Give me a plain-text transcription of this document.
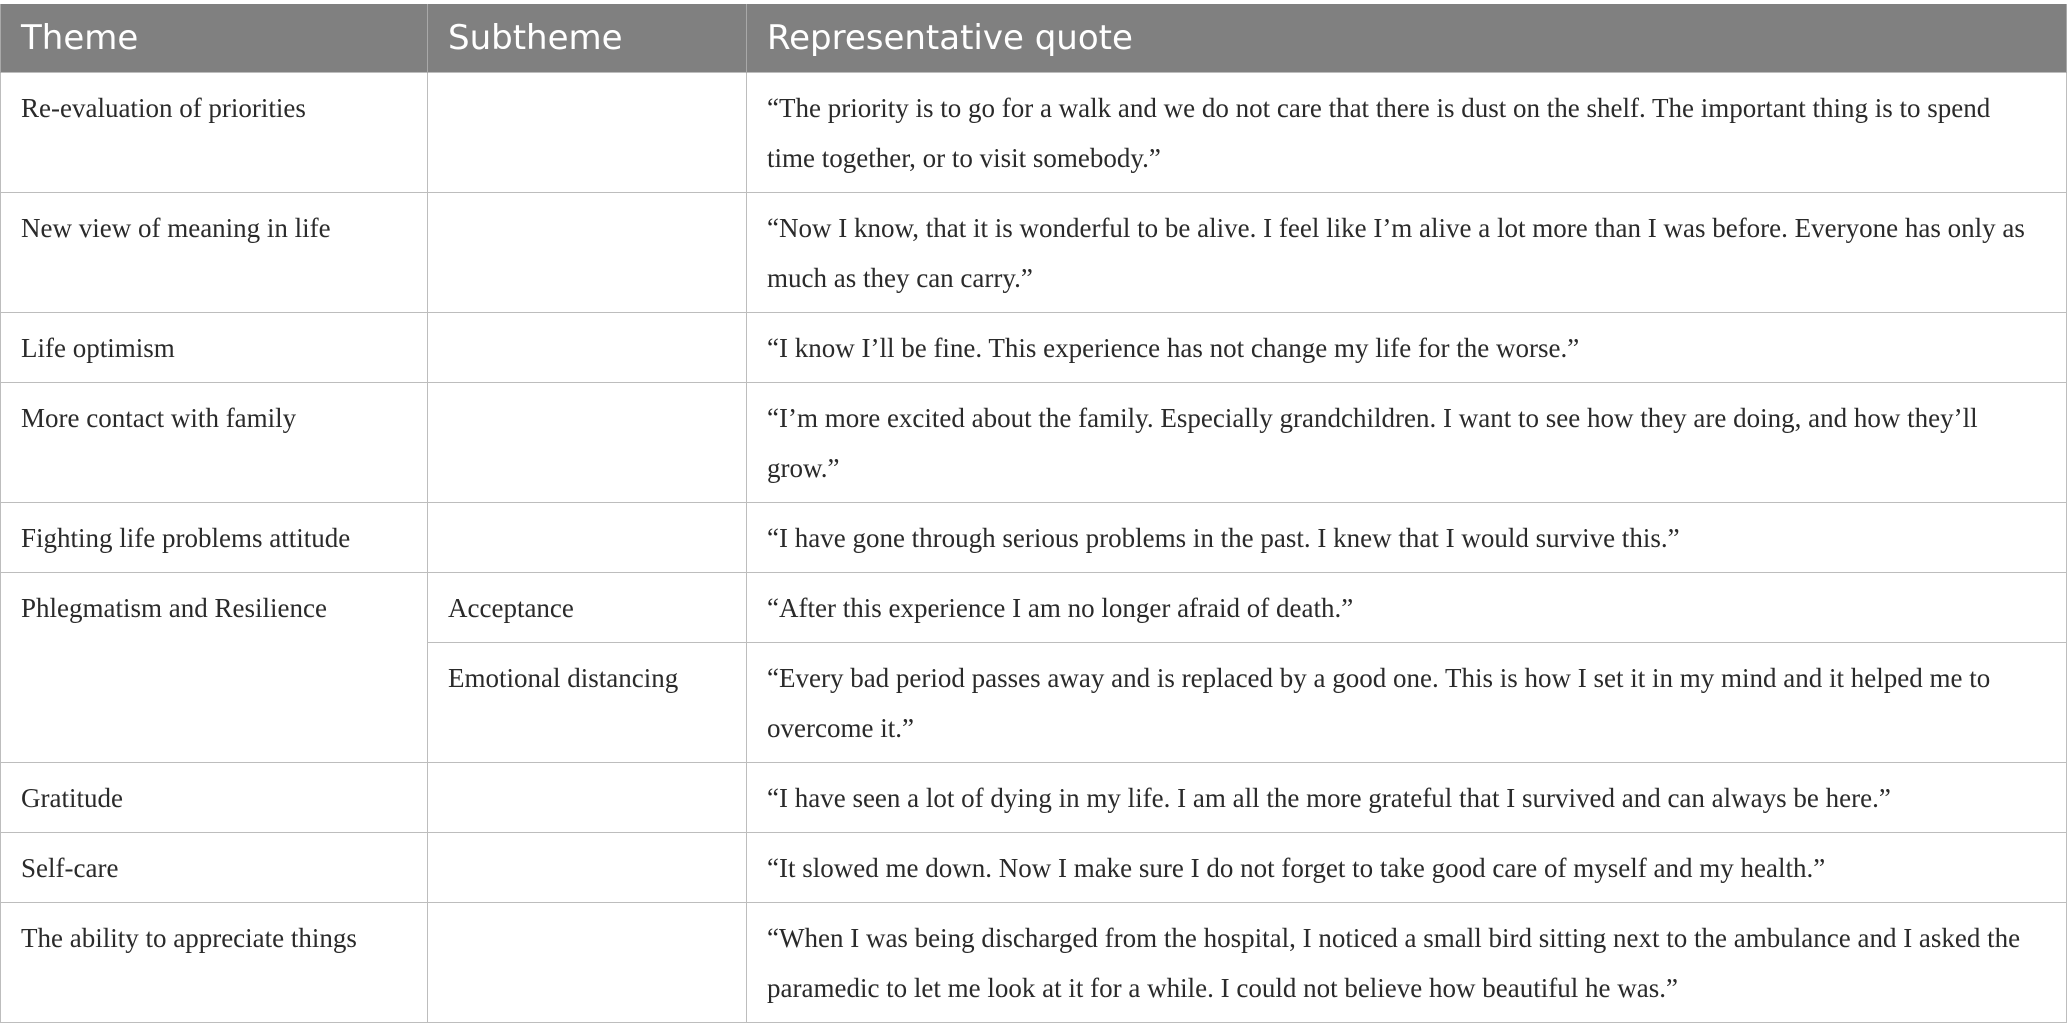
Theme	Subtheme	Representative quote
Re-evaluation of priorities		“The priority is to go for a walk and we do not care that there is dust on the shelf. The important thing is to spend time together, or to visit somebody.”
New view of meaning in life		“Now I know, that it is wonderful to be alive. I feel like I’m alive a lot more than I was before. Everyone has only as much as they can carry.”
Life optimism		“I know I’ll be fine. This experience has not change my life for the worse.”
More contact with family		“I’m more excited about the family. Especially grandchildren. I want to see how they are doing, and how they’ll grow.”
Fighting life problems attitude		“I have gone through serious problems in the past. I knew that I would survive this.”
Phlegmatism and Resilience	Acceptance	“After this experience I am no longer afraid of death.”
	Emotional distancing	“Every bad period passes away and is replaced by a good one. This is how I set it in my mind and it helped me to overcome it.”
Gratitude		“I have seen a lot of dying in my life. I am all the more grateful that I survived and can always be here.”
Self-care		“It slowed me down. Now I make sure I do not forget to take good care of myself and my health.”
The ability to appreciate things		“When I was being discharged from the hospital, I noticed a small bird sitting next to the ambulance and I asked the paramedic to let me look at it for a while. I could not believe how beautiful he was.”
